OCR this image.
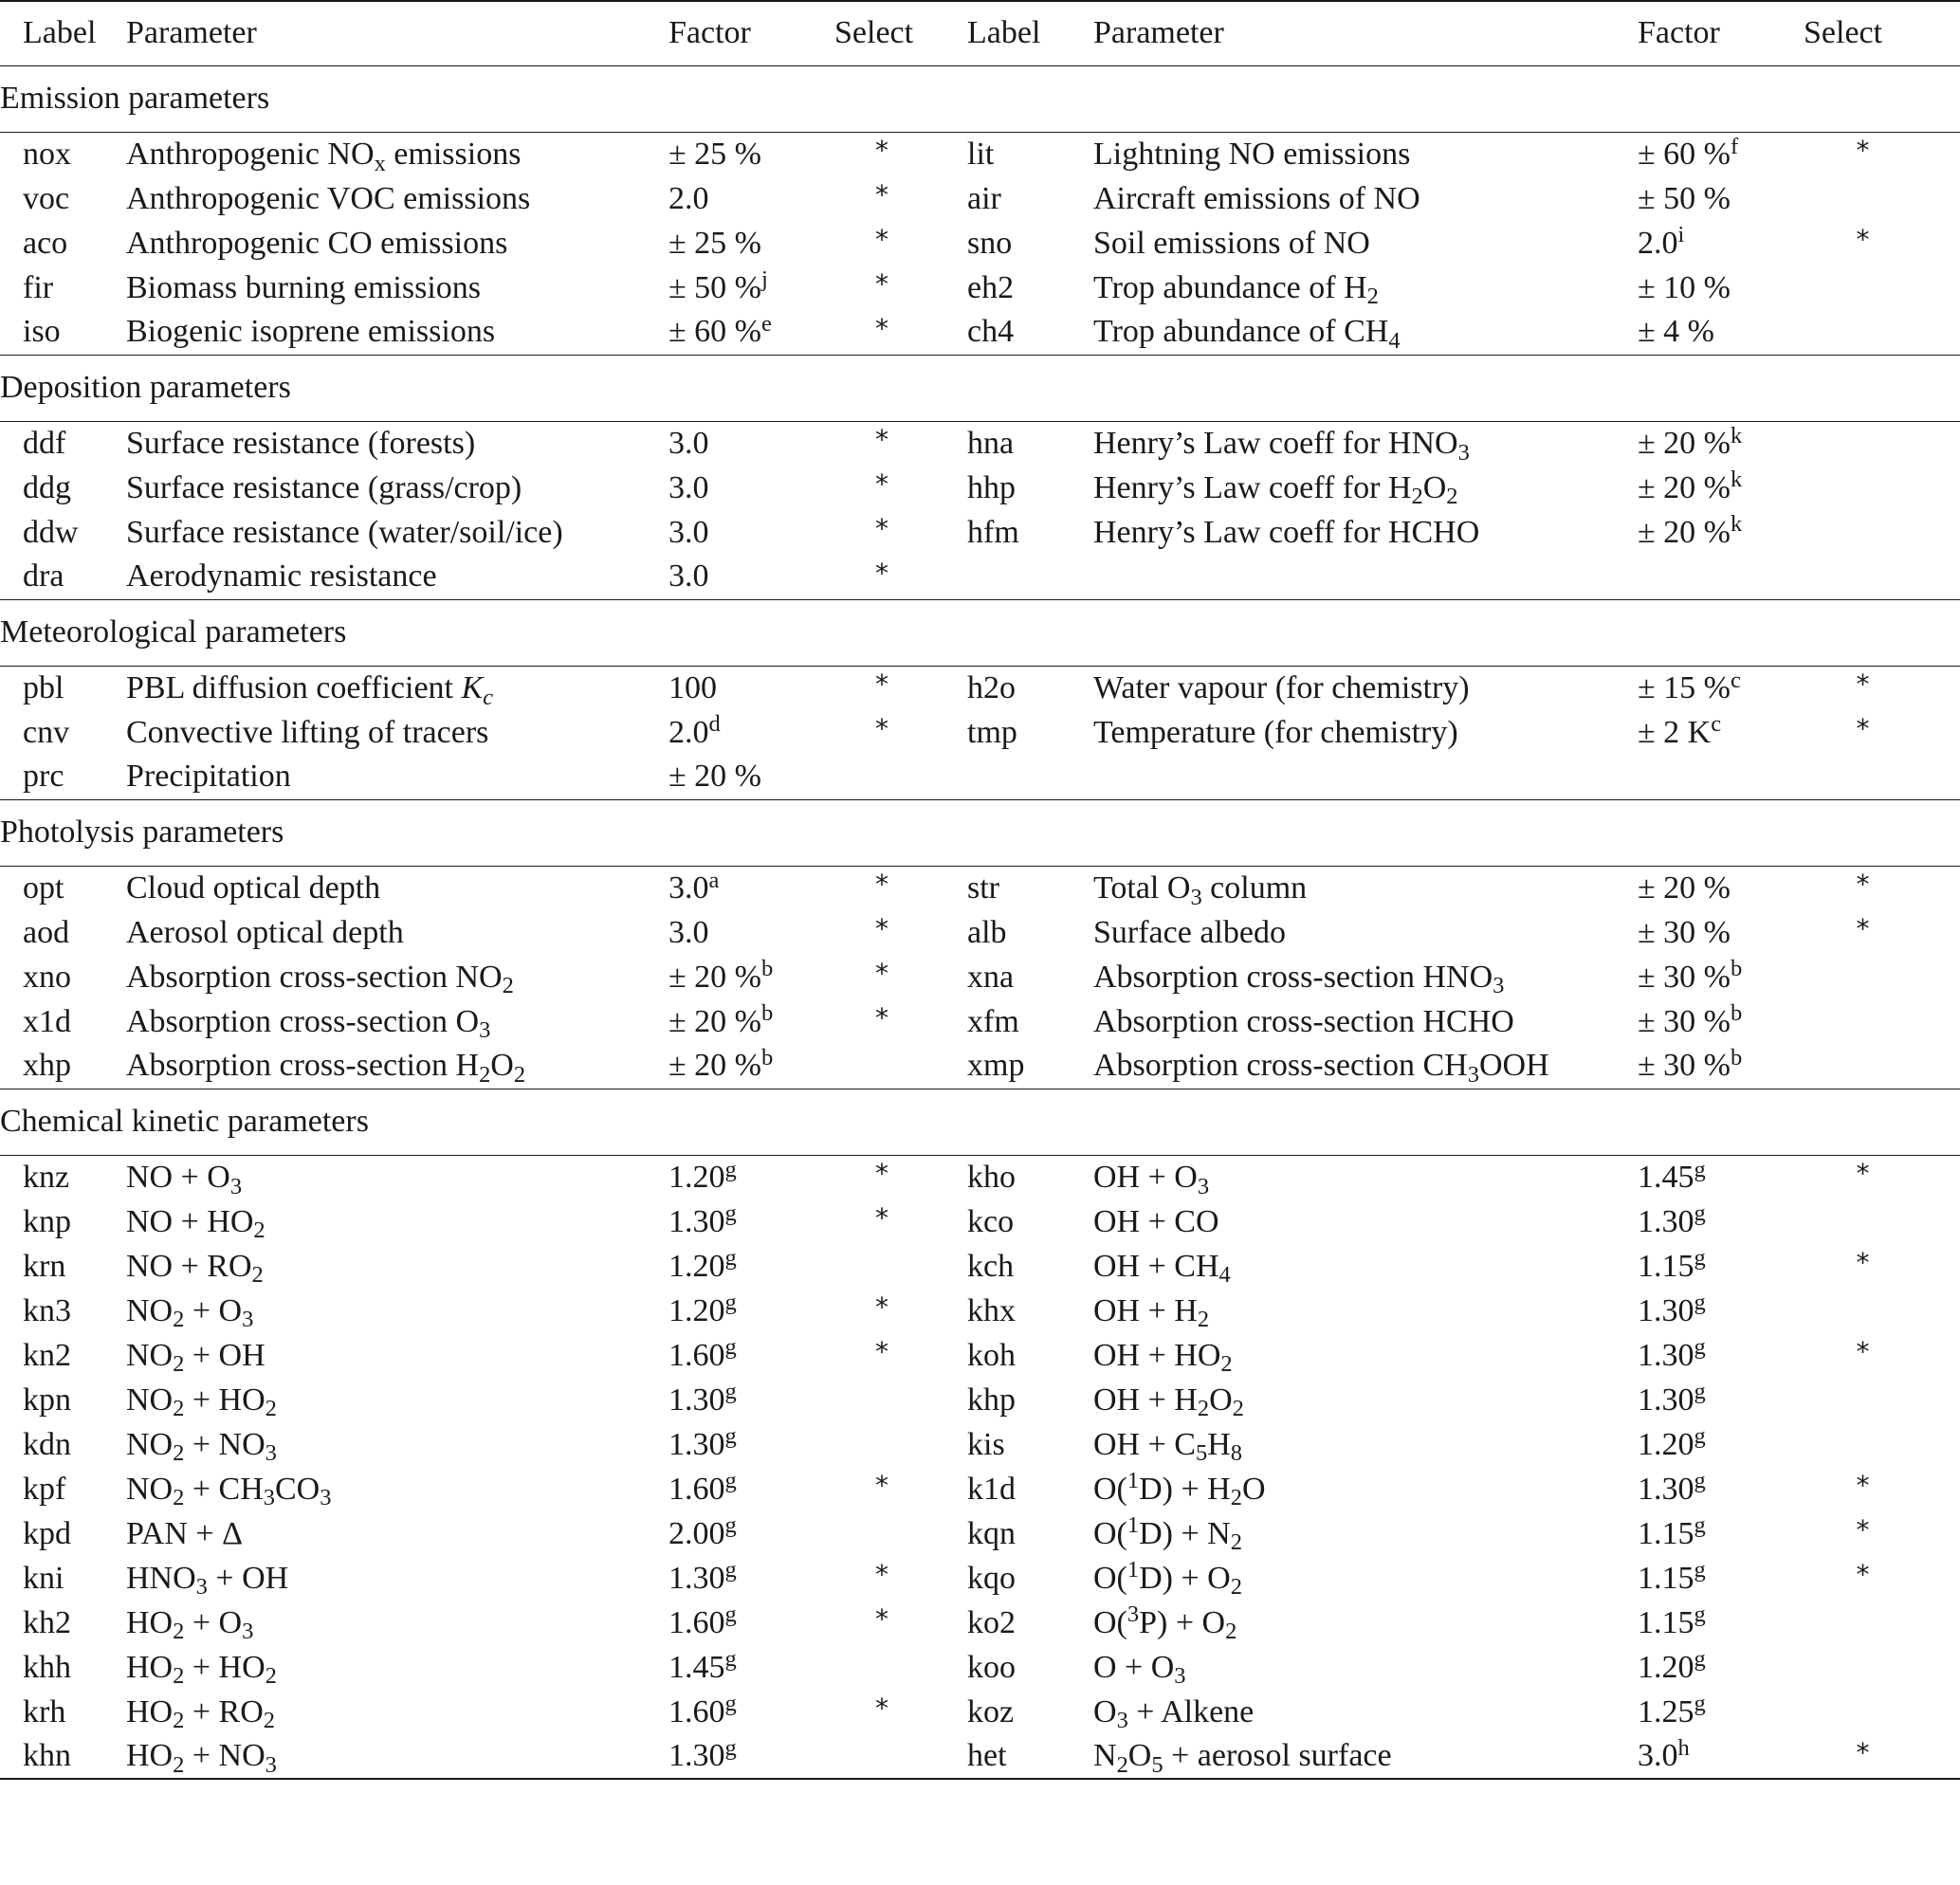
Label	Parameter	Factor	Select	Label	Parameter	Factor	Select
Emission parameters							
nox	Anthropogenic $NO_x$ emissions	± 25 %	*	lit	Lightning NO emissions	± 60 %$^f$	*
voc	Anthropogenic VOC emissions	2.0	*	air	Aircraft emissions of NO	± 50 %	
aco	Anthropogenic CO emissions	± 25 %	*	sno	Soil emissions of NO	2.0$^i$	*
fir	Biomass burning emissions	± 50 %$^j$	*	eh2	Trop abundance of $H_2$	± 10 %	
iso	Biogenic isoprene emissions	± 60 %$^e$	*	ch4	Trop abundance of $CH_4$	± 4 %	
Deposition parameters							
ddf	Surface resistance (forests)	3.0	*	hna	Henry’s Law coeff for $HNO_3$	± 20 %$^k$	
ddg	Surface resistance (grass/crop)	3.0	*	hhp	Henry’s Law coeff for $H_2O_2$	± 20 %$^k$	
ddw	Surface resistance (water/soil/ice)	3.0	*	hfm	Henry’s Law coeff for HCHO	± 20 %$^k$	
dra	Aerodynamic resistance	3.0	*				
Meteorological parameters							
pbl	PBL diffusion coefficient $K_c$	100	*	h2o	Water vapour (for chemistry)	± 15 %$^c$	*
cnv	Convective lifting of tracers	2.0$^d$	*	tmp	Temperature (for chemistry)	± 2 $K^c$	*
prc	Precipitation	± 20 %					
Photolysis parameters							
opt	Cloud optical depth	3.0$^a$	*	str	Total $O_3$ column	± 20 %	*
aod	Aerosol optical depth	3.0	*	alb	Surface albedo	± 30 %	*
xno	Absorption cross-section $NO_2$	± 20 %$^b$	*	xna	Absorption cross-section $HNO_3$	± 30 %$^b$	
x1d	Absorption cross-section $O_3$	± 20 %$^b$	*	xfm	Absorption cross-section HCHO	± 30 %$^b$	
xhp	Absorption cross-section $H_2O_2$	± 20 %$^b$		xmp	Absorption cross-section $CH_3OOH$	± 30 %$^b$	
Chemical kinetic parameters							
knz	NO + $O_3$	1.20$^g$	*	kho	OH + $O_3$	1.45$^g$	*
knp	NO + $HO_2$	1.30$^g$	*	kco	OH + CO	1.30$^g$	
krn	NO + $RO_2$	1.20$^g$		kch	OH + $CH_4$	1.15$^g$	*
kn3	$NO_2 + O_3$	1.20$^g$	*	khx	OH + $H_2$	1.30$^g$	
kn2	$NO_2$ + OH	1.60$^g$	*	koh	OH + $HO_2$	1.30$^g$	*
kpn	$NO_2 + HO_2$	1.30$^g$		khp	OH + $H_2O_2$	1.30$^g$	
kdn	$NO_2 + NO_3$	1.30$^g$		kis	OH + $C_5H_8$	1.20$^g$	
kpf	$NO_2 + CH_3CO_3$	1.60$^g$	*	k1d	$O(^1D) + H_2O$	1.30$^g$	*
kpd	PAN + Δ	2.00$^g$		kqn	$O(^1D) + N_2$	1.15$^g$	*
kni	$HNO_3$ + OH	1.30$^g$	*	kqo	$O(^1D) + O_2$	1.15$^g$	*
kh2	$HO_2 + O_3$	1.60$^g$	*	ko2	$O(^3P) + O_2$	1.15$^g$	
khh	$HO_2 + HO_2$	1.45$^g$		koo	$O + O_3$	1.20$^g$	
krh	$HO_2 + RO_2$	1.60$^g$	*	koz	$O_3$ + Alkene	1.25$^g$	
khn	$HO_2 + NO_3$	1.30$^g$		het	$N_2O_5$ + aerosol surface	3.0$^h$	*
